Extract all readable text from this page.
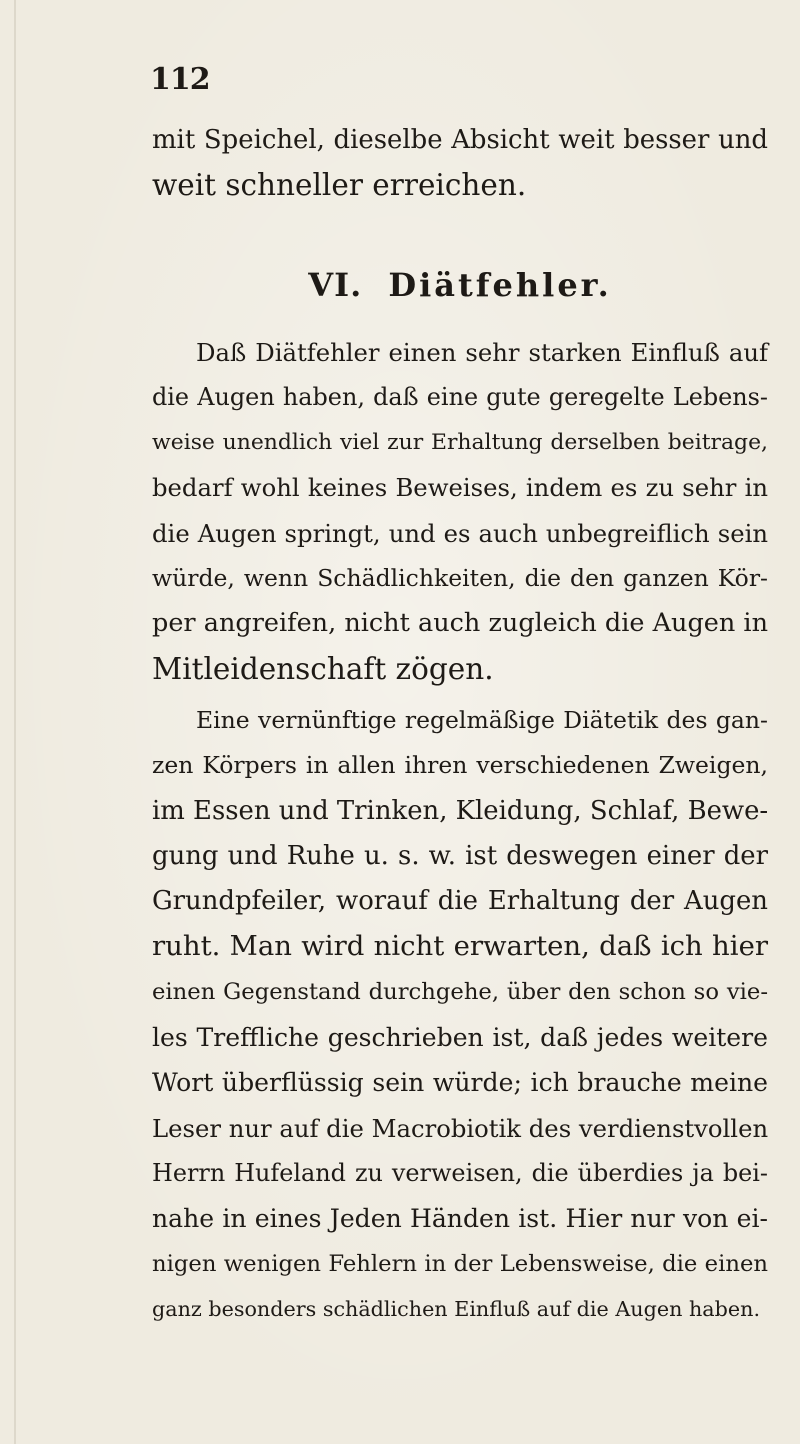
112
mit Speichel, dieselbe Absicht weit besser und
weit schneller erreichen.
VI. Diätfehler.
Daß Diätfehler einen sehr starken Einfluß auf
die Augen haben, daß eine gute geregelte Lebens-
weise unendlich viel zur Erhaltung derselben beitrage,
bedarf wohl keines Beweises, indem es zu sehr in
die Augen springt, und es auch unbegreiflich sein
würde, wenn Schädlichkeiten, die den ganzen Kör-
per angreifen, nicht auch zugleich die Augen in
Mitleidenschaft zögen.
Eine vernünftige regelmäßige Diätetik des gan-
zen Körpers in allen ihren verschiedenen Zweigen,
im Essen und Trinken, Kleidung, Schlaf, Bewe-
gung und Ruhe u. s. w. ist deswegen einer der
Grundpfeiler, worauf die Erhaltung der Augen
ruht. Man wird nicht erwarten, daß ich hier
einen Gegenstand durchgehe, über den schon so vie-
les Treffliche geschrieben ist, daß jedes weitere
Wort überflüssig sein würde; ich brauche meine
Leser nur auf die Macrobiotik des verdienstvollen
Herrn Hufeland zu verweisen, die überdies ja bei-
nahe in eines Jeden Händen ist. Hier nur von ei-
nigen wenigen Fehlern in der Lebensweise, die einen
ganz besonders schädlichen Einfluß auf die Augen haben.
